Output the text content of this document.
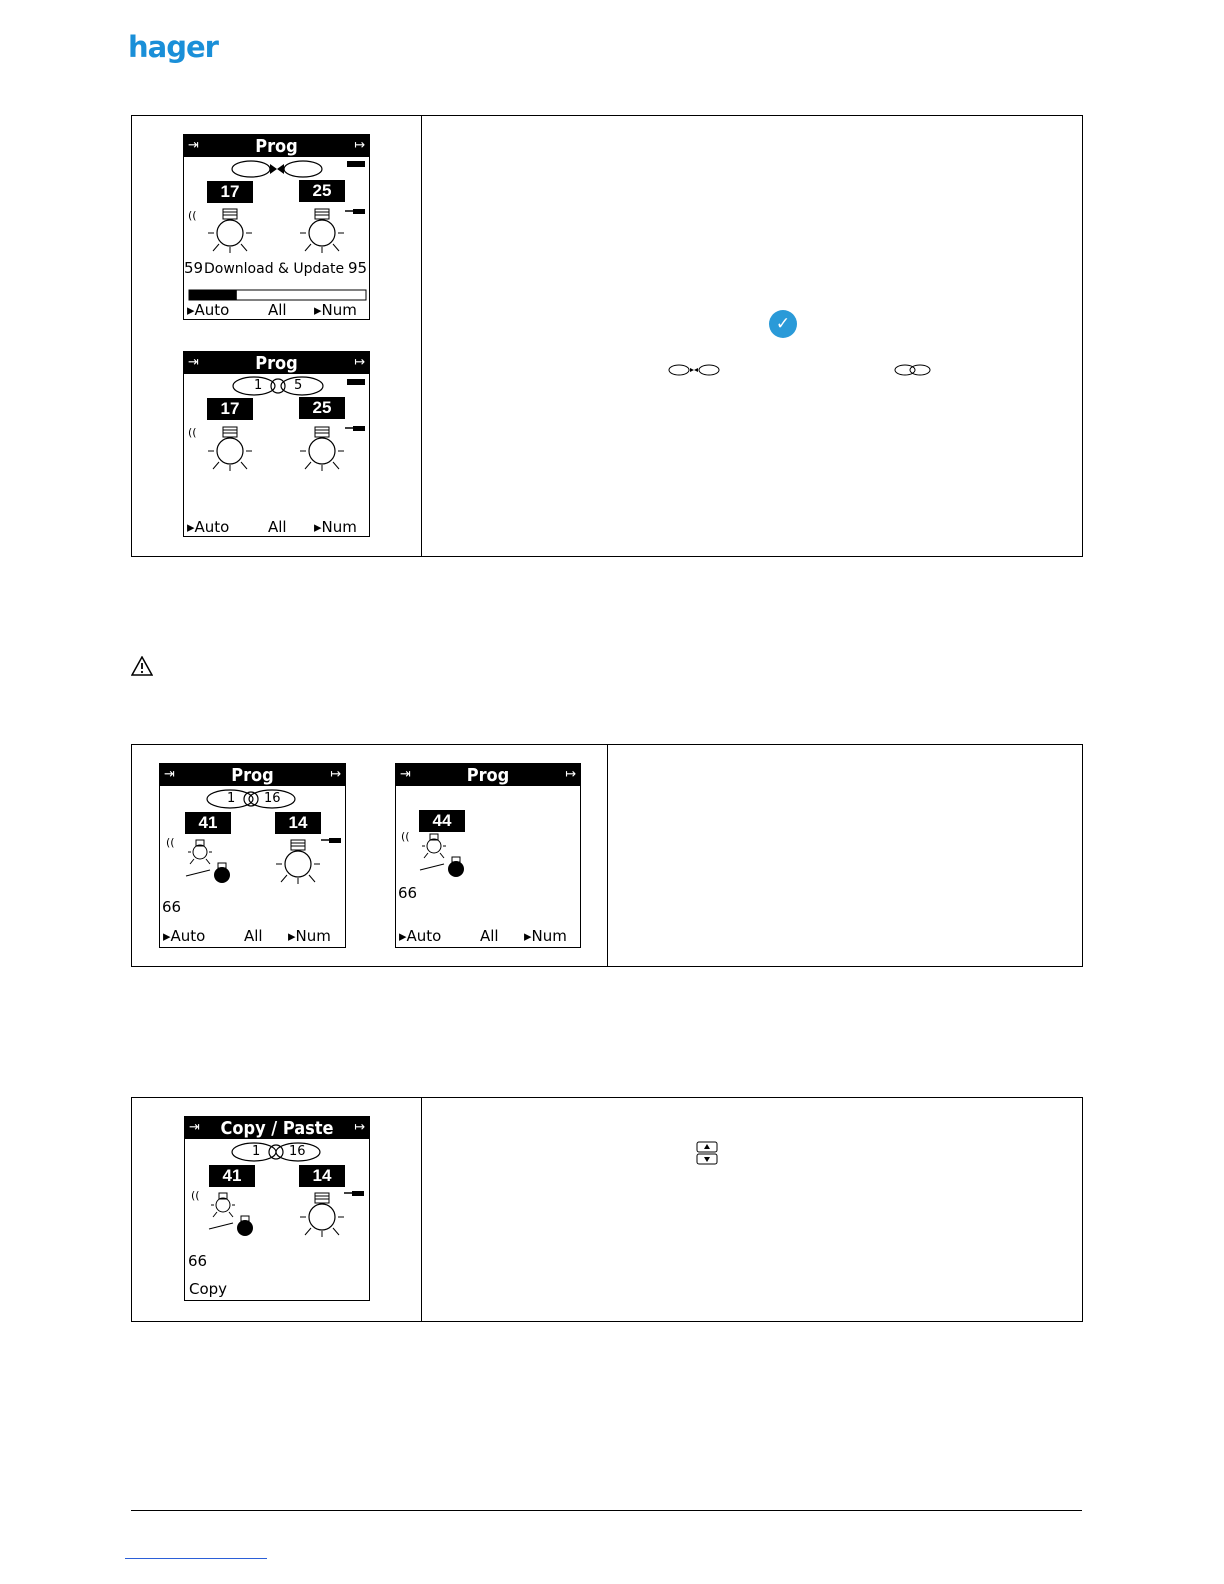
hager
⇥	Prog	↦
((
17	25
59 Download & Update 95
▸Auto	All ▸Num
⇥	Prog	↦
((
1 5
17	25
▸Auto	All ▸Num
✓
⇥	Prog	↦
((
1 16
41	14
66
▸Auto	All ▸Num
⇥	Prog	↦
((
44
66
▸Auto	All ▸Num
⇥	Copy / Paste	↦
((
1 16
41	14
66
Copy
